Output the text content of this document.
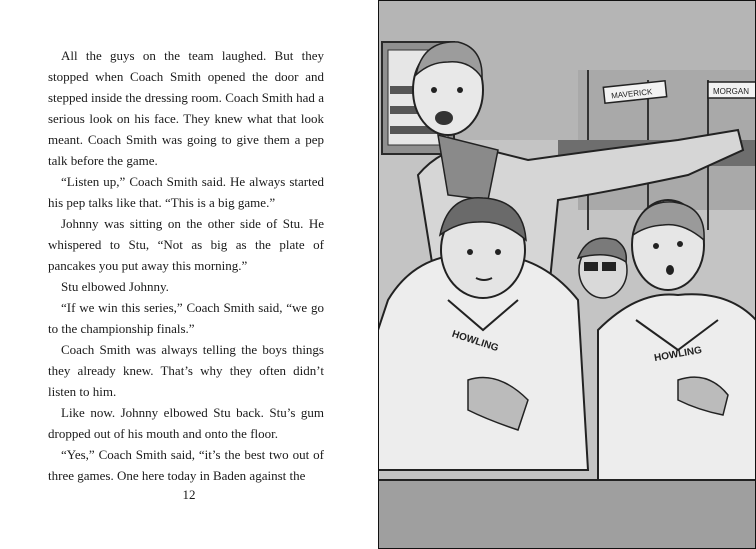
All the guys on the team laughed. But they stopped when Coach Smith opened the door and stepped inside the dressing room. Coach Smith had a serious look on his face. They knew what that look meant. Coach Smith was going to give them a pep talk before the game.

“Listen up,” Coach Smith said. He always started his pep talks like that. “This is a big game.”

Johnny was sitting on the other side of Stu. He whispered to Stu, “Not as big as the plate of pancakes you put away this morning.”

Stu elbowed Johnny.

“If we win this series,” Coach Smith said, “we go to the championship finals.”

Coach Smith was always telling the boys things they already knew. That’s why they often didn’t listen to him.

Like now. Johnny elbowed Stu back. Stu’s gum dropped out of his mouth and onto the floor.

“Yes,” Coach Smith said, “it’s the best two out of three games. One here today in Baden against the

12
MAVERICK	MORGAN
HOWLING
HOWLING
